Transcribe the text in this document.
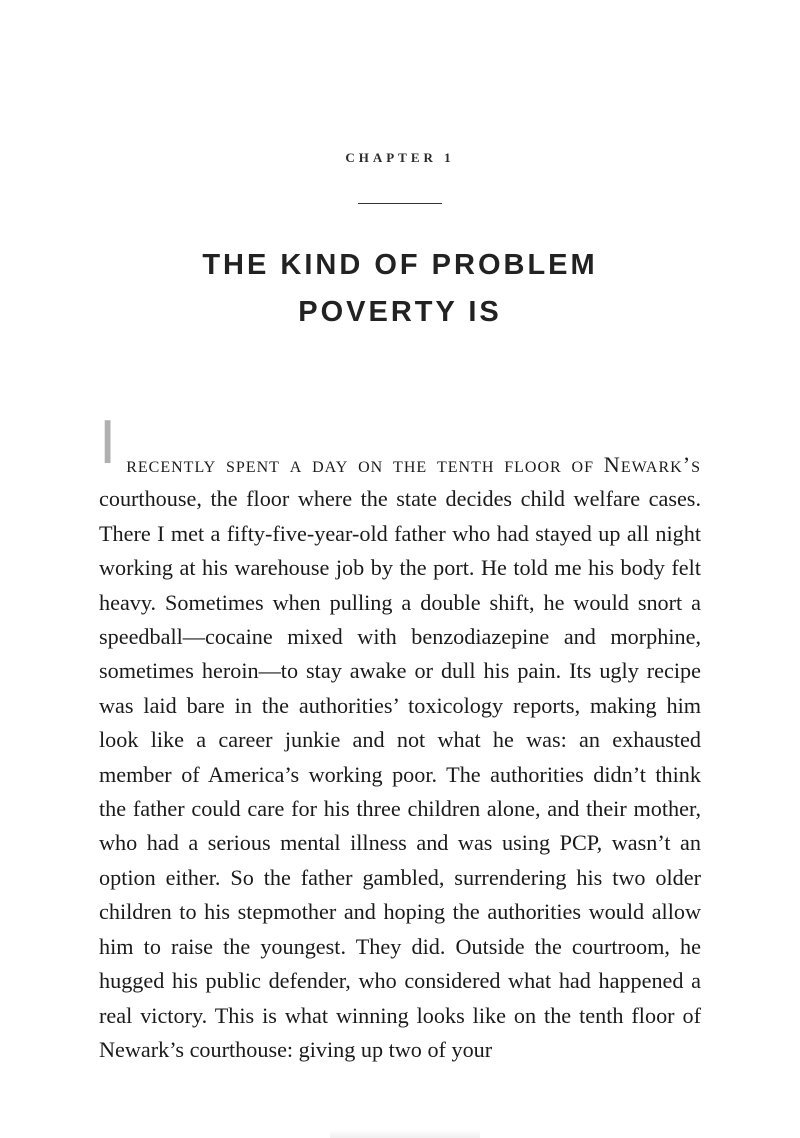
CHAPTER 1
THE KIND OF PROBLEM
POVERTY IS
I recently spent a day on the tenth floor of Newark’s
courthouse, the floor where the state decides child welfare cases. There I met a fifty-five-year-old father who had stayed up all night working at his warehouse job by the port. He told me his body felt heavy. Sometimes when pulling a double shift, he would snort a speedball—cocaine mixed with benzodiazepine and morphine, sometimes heroin—to stay awake or dull his pain. Its ugly recipe was laid bare in the authorities’ toxicology reports, making him look like a career junkie and not what he was: an exhausted member of America’s working poor. The authorities didn’t think the father could care for his three children alone, and their mother, who had a serious mental illness and was using PCP, wasn’t an option either. So the father gambled, surrendering his two older children to his stepmother and hoping the authorities would allow him to raise the youngest. They did. Outside the courtroom, he hugged his public defender, who considered what had happened a real victory. This is what winning looks like on the tenth floor of Newark’s courthouse: giving up two of your
